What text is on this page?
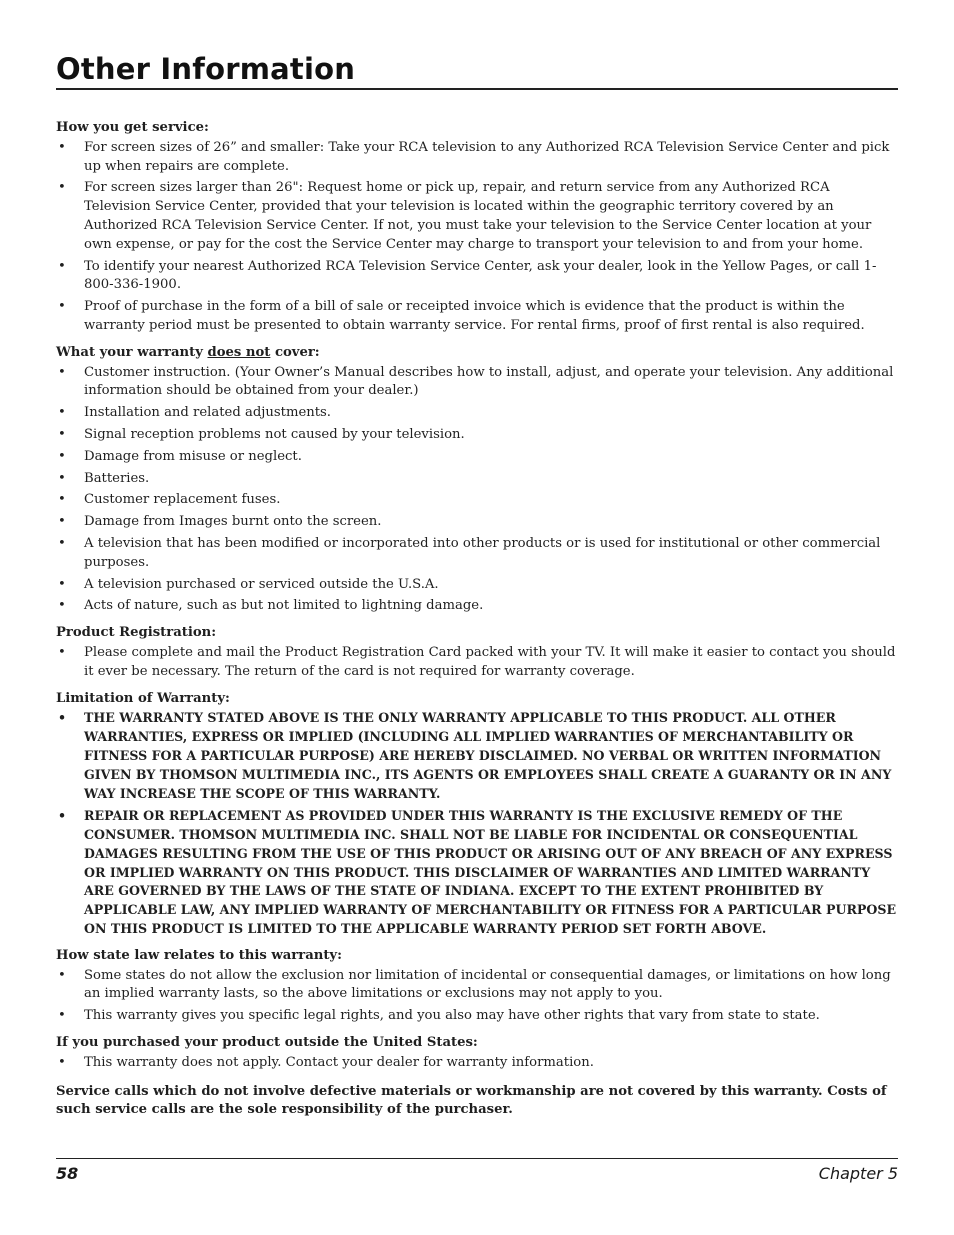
Other Information

How you get service:

• For screen sizes of 26” and smaller: Take your RCA television to any Authorized RCA Television Service Center and pick up when repairs are complete.
• For screen sizes larger than 26": Request home or pick up, repair, and return service from any Authorized RCA Television Service Center, provided that your television is located within the geographic territory covered by an Authorized RCA Television Service Center. If not, you must take your television to the Service Center location at your own expense, or pay for the cost the Service Center may charge to transport your television to and from your home.
• To identify your nearest Authorized RCA Television Service Center, ask your dealer, look in the Yellow Pages, or call 1-800-336-1900.
• Proof of purchase in the form of a bill of sale or receipted invoice which is evidence that the product is within the warranty period must be presented to obtain warranty service. For rental firms, proof of first rental is also required.

What your warranty does not cover:

• Customer instruction. (Your Owner’s Manual describes how to install, adjust, and operate your television. Any additional information should be obtained from your dealer.)
• Installation and related adjustments.
• Signal reception problems not caused by your television.
• Damage from misuse or neglect.
• Batteries.
• Customer replacement fuses.
• Damage from Images burnt onto the screen.
• A television that has been modified or incorporated into other products or is used for institutional or other commercial purposes.
• A television purchased or serviced outside the U.S.A.
• Acts of nature, such as but not limited to lightning damage.

Product Registration:

• Please complete and mail the Product Registration Card packed with your TV. It will make it easier to contact you should it ever be necessary. The return of the card is not required for warranty coverage.

Limitation of Warranty:

• THE WARRANTY STATED ABOVE IS THE ONLY WARRANTY APPLICABLE TO THIS PRODUCT. ALL OTHER WARRANTIES, EXPRESS OR IMPLIED (INCLUDING ALL IMPLIED WARRANTIES OF MERCHANTABILITY OR FITNESS FOR A PARTICULAR PURPOSE) ARE HEREBY DISCLAIMED. NO VERBAL OR WRITTEN INFORMATION GIVEN BY THOMSON MULTIMEDIA INC., ITS AGENTS OR EMPLOYEES SHALL CREATE A GUARANTY OR IN ANY WAY INCREASE THE SCOPE OF THIS WARRANTY.
• REPAIR OR REPLACEMENT AS PROVIDED UNDER THIS WARRANTY IS THE EXCLUSIVE REMEDY OF THE CONSUMER. THOMSON MULTIMEDIA INC. SHALL NOT BE LIABLE FOR INCIDENTAL OR CONSEQUENTIAL DAMAGES RESULTING FROM THE USE OF THIS PRODUCT OR ARISING OUT OF ANY BREACH OF ANY EXPRESS OR IMPLIED WARRANTY ON THIS PRODUCT. THIS DISCLAIMER OF WARRANTIES AND LIMITED WARRANTY ARE GOVERNED BY THE LAWS OF THE STATE OF INDIANA. EXCEPT TO THE EXTENT PROHIBITED BY APPLICABLE LAW, ANY IMPLIED WARRANTY OF MERCHANTABILITY OR FITNESS FOR A PARTICULAR PURPOSE ON THIS PRODUCT IS LIMITED TO THE APPLICABLE WARRANTY PERIOD SET FORTH ABOVE.

How state law relates to this warranty:

• Some states do not allow the exclusion nor limitation of incidental or consequential damages, or limitations on how long an implied warranty lasts, so the above limitations or exclusions may not apply to you.
• This warranty gives you specific legal rights, and you also may have other rights that vary from state to state.

If you purchased your product outside the United States:

• This warranty does not apply. Contact your dealer for warranty information.

Service calls which do not involve defective materials or workmanship are not covered by this warranty. Costs of such service calls are the sole responsibility of the purchaser.

58	Chapter 5
